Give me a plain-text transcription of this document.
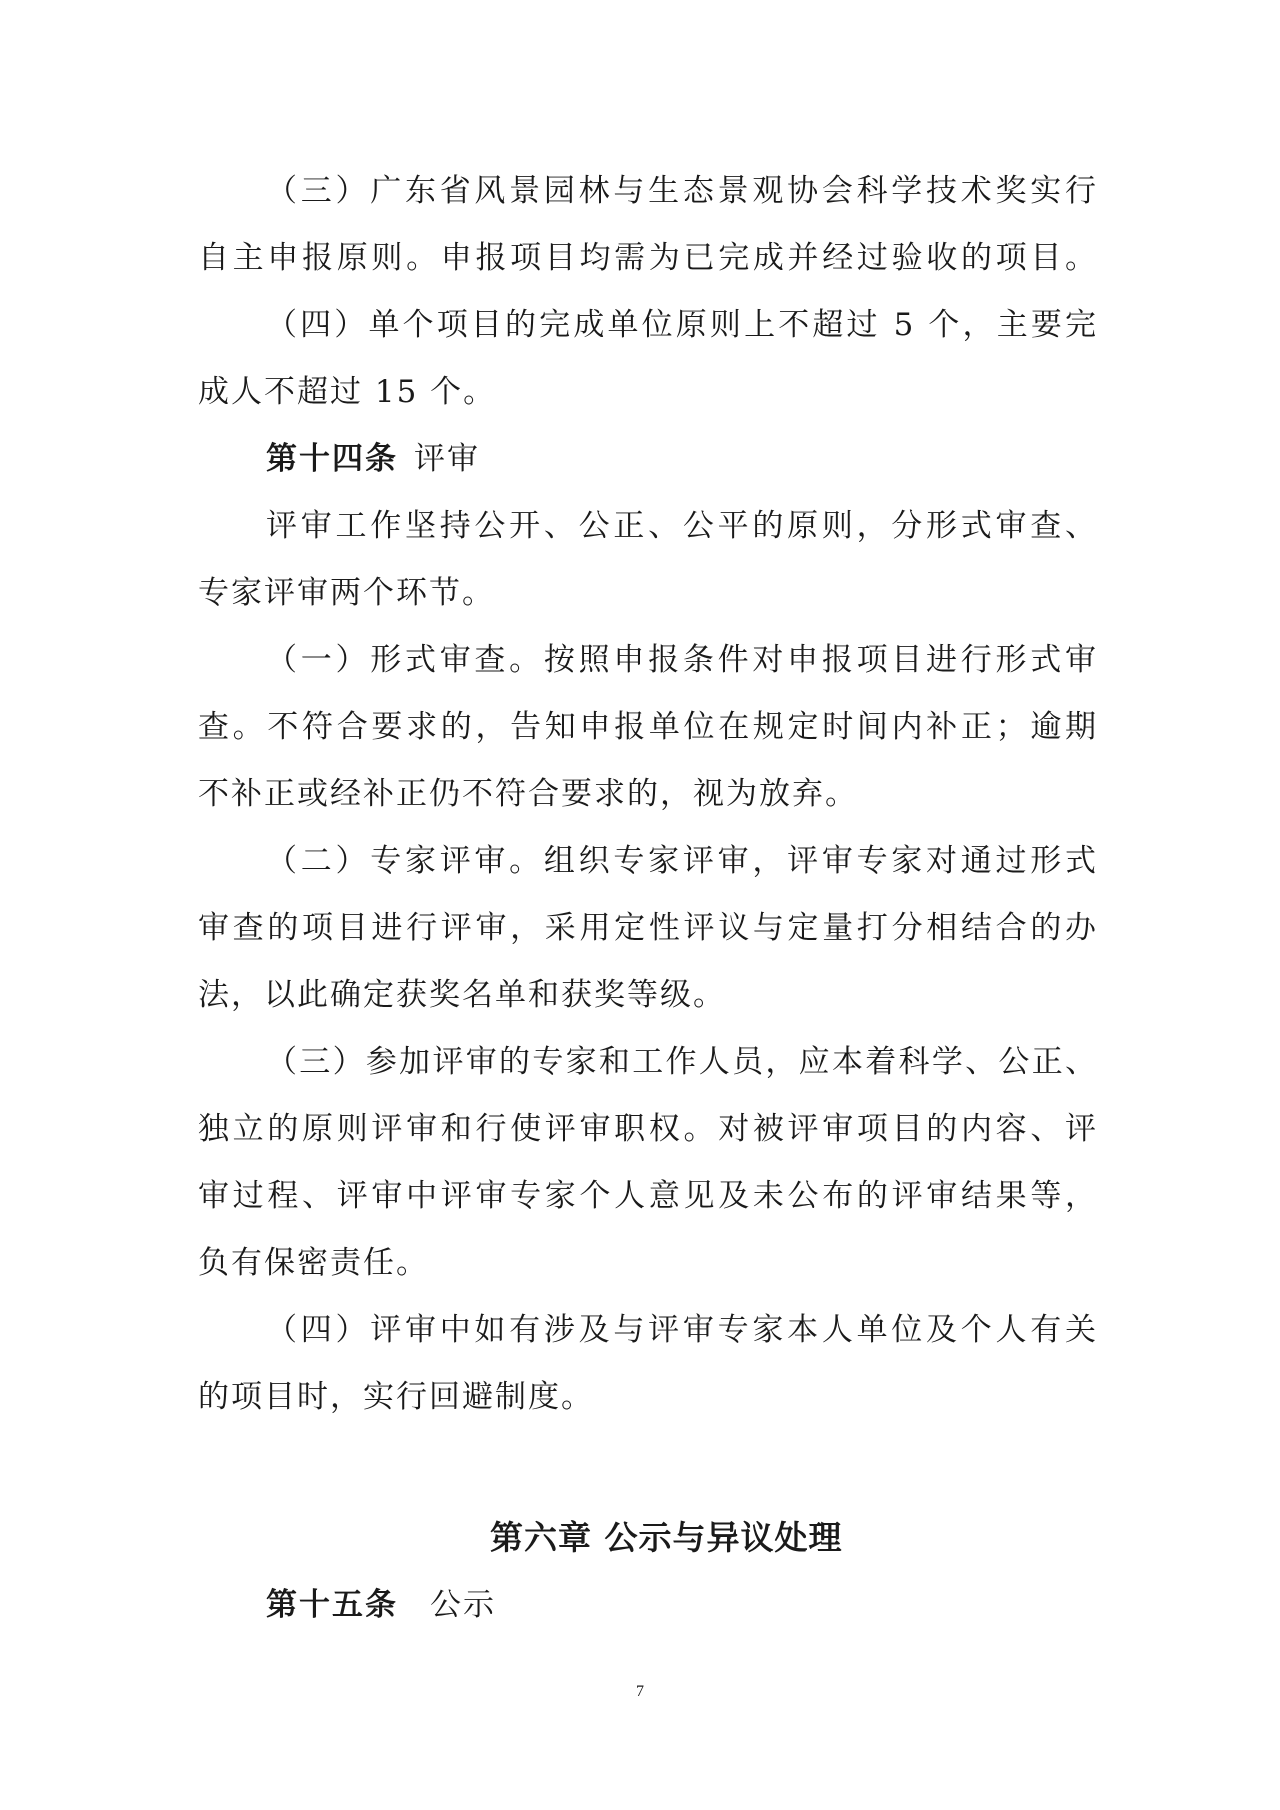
（三）广东省风景园林与生态景观协会科学技术奖实行
自主申报原则。申报项目均需为已完成并经过验收的项目。
（四）单个项目的完成单位原则上不超过 5 个，主要完
成人不超过 15 个。
第十四条 评审
评审工作坚持公开、公正、公平的原则，分形式审查、
专家评审两个环节。
（一）形式审查。按照申报条件对申报项目进行形式审
查。不符合要求的，告知申报单位在规定时间内补正；逾期
不补正或经补正仍不符合要求的，视为放弃。
（二）专家评审。组织专家评审，评审专家对通过形式
审查的项目进行评审，采用定性评议与定量打分相结合的办
法，以此确定获奖名单和获奖等级。
（三）参加评审的专家和工作人员，应本着科学、公正、
独立的原则评审和行使评审职权。对被评审项目的内容、评
审过程、评审中评审专家个人意见及未公布的评审结果等，
负有保密责任。
（四）评审中如有涉及与评审专家本人单位及个人有关
的项目时，实行回避制度。
第六章 公示与异议处理
第十五条 公示
7
